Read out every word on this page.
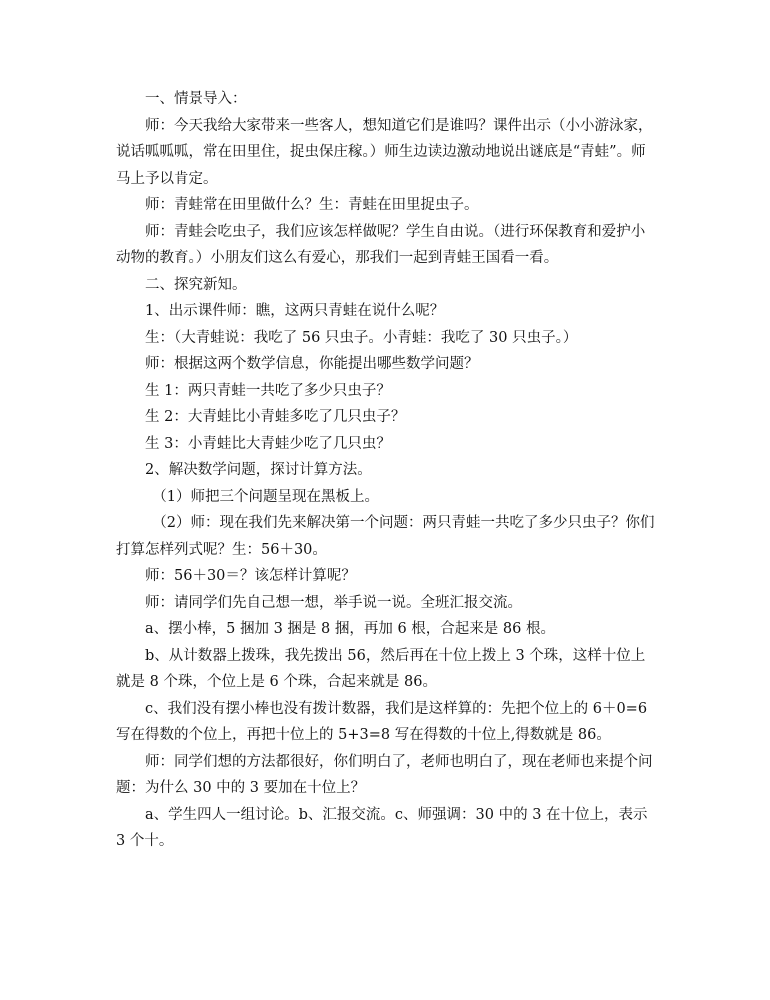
一、情景导入：

师：今天我给大家带来一些客人，想知道它们是谁吗？课件出示（小小游泳家，说话呱呱呱，常在田里住，捉虫保庄稼。）师生边读边激动地说出谜底是“青蛙”。师马上予以肯定。

师：青蛙常在田里做什么？生：青蛙在田里捉虫子。

师：青蛙会吃虫子，我们应该怎样做呢？学生自由说。（进行环保教育和爱护小动物的教育。）小朋友们这么有爱心，那我们一起到青蛙王国看一看。

二、探究新知。

1、出示课件师：瞧，这两只青蛙在说什么呢？

生：（大青蛙说：我吃了 56 只虫子。小青蛙：我吃了 30 只虫子。）

师：根据这两个数学信息，你能提出哪些数学问题？

生 1：两只青蛙一共吃了多少只虫子？

生 2：大青蛙比小青蛙多吃了几只虫子？

生 3：小青蛙比大青蛙少吃了几只虫？

2、解决数学问题，探讨计算方法。

（1）师把三个问题呈现在黑板上。

（2）师：现在我们先来解决第一个问题：两只青蛙一共吃了多少只虫子？你们打算怎样列式呢？生：56＋30。

师：56＋30＝？该怎样计算呢？

师：请同学们先自己想一想，举手说一说。全班汇报交流。

a、摆小棒，5 捆加 3 捆是 8 捆，再加 6 根，合起来是 86 根。

b、从计数器上拨珠，我先拨出 56，然后再在十位上拨上 3 个珠，这样十位上就是 8 个珠，个位上是 6 个珠，合起来就是 86。

c、我们没有摆小棒也没有拨计数器，我们是这样算的：先把个位上的 6＋0=6 写在得数的个位上，再把十位上的 5+3=8 写在得数的十位上,得数就是 86。

师：同学们想的方法都很好，你们明白了，老师也明白了，现在老师也来提个问题：为什么 30 中的 3 要加在十位上？

a、学生四人一组讨论。b、汇报交流。c、师强调：30 中的 3 在十位上，表示 3 个十。
